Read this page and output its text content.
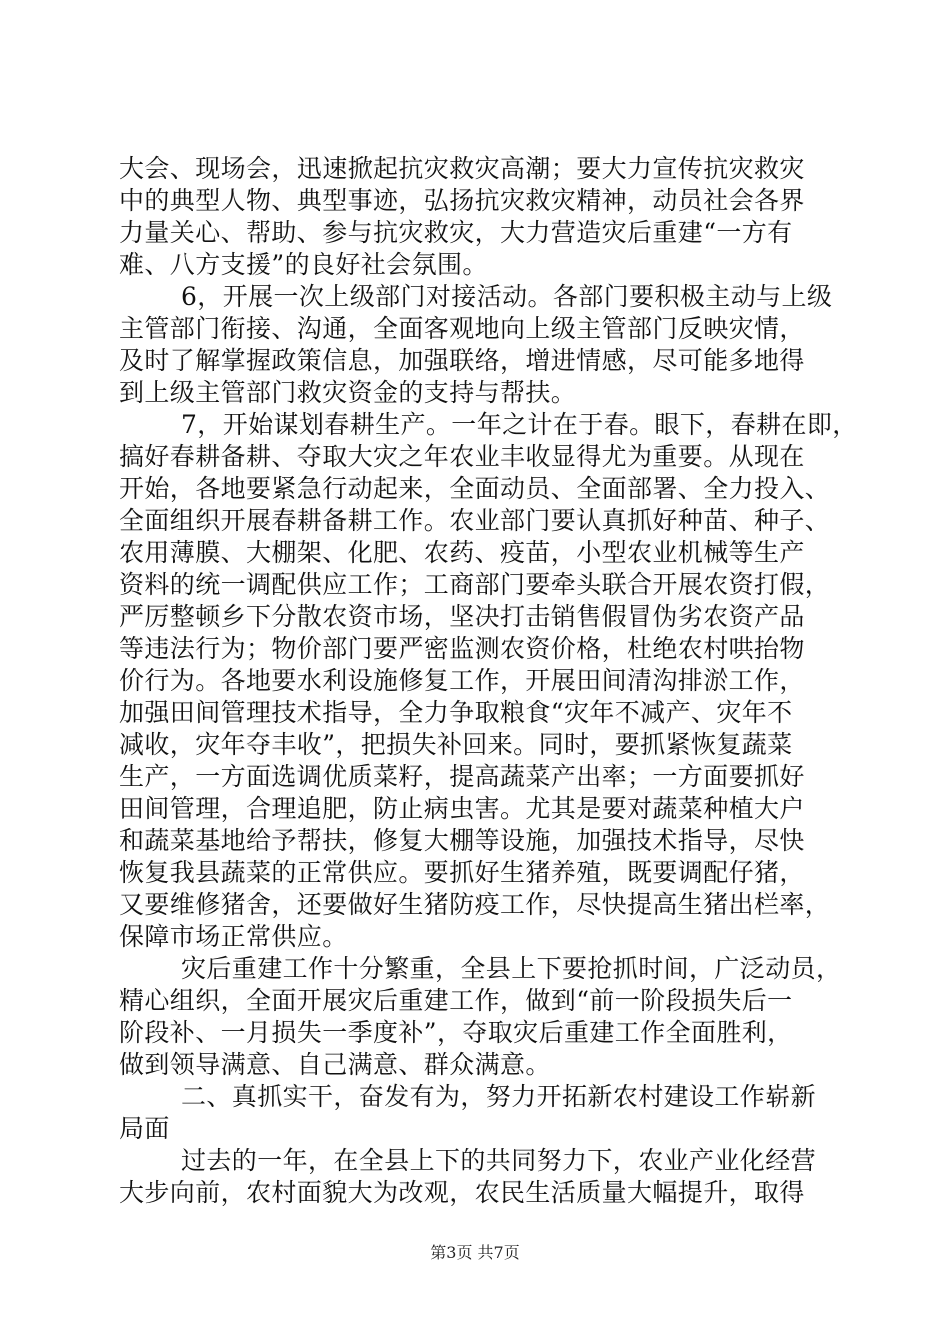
大会、现场会，迅速掀起抗灾救灾高潮；要大力宣传抗灾救灾
中的典型人物、典型事迹，弘扬抗灾救灾精神，动员社会各界
力量关心、帮助、参与抗灾救灾，大力营造灾后重建“一方有
难、八方支援”的良好社会氛围。
6，开展一次上级部门对接活动。各部门要积极主动与上级
主管部门衔接、沟通，全面客观地向上级主管部门反映灾情，
及时了解掌握政策信息，加强联络，增进情感，尽可能多地得
到上级主管部门救灾资金的支持与帮扶。
7，开始谋划春耕生产。一年之计在于春。眼下，春耕在即，
搞好春耕备耕、夺取大灾之年农业丰收显得尤为重要。从现在
开始，各地要紧急行动起来，全面动员、全面部署、全力投入、
全面组织开展春耕备耕工作。农业部门要认真抓好种苗、种子、
农用薄膜、大棚架、化肥、农药、疫苗，小型农业机械等生产
资料的统一调配供应工作；工商部门要牵头联合开展农资打假，
严厉整顿乡下分散农资市场，坚决打击销售假冒伪劣农资产品
等违法行为；物价部门要严密监测农资价格，杜绝农村哄抬物
价行为。各地要水利设施修复工作，开展田间清沟排淤工作，
加强田间管理技术指导，全力争取粮食“灾年不减产、灾年不
减收，灾年夺丰收”，把损失补回来。同时，要抓紧恢复蔬菜
生产，一方面选调优质菜籽，提高蔬菜产出率；一方面要抓好
田间管理，合理追肥，防止病虫害。尤其是要对蔬菜种植大户
和蔬菜基地给予帮扶，修复大棚等设施，加强技术指导，尽快
恢复我县蔬菜的正常供应。要抓好生猪养殖，既要调配仔猪，
又要维修猪舍，还要做好生猪防疫工作，尽快提高生猪出栏率，
保障市场正常供应。
灾后重建工作十分繁重，全县上下要抢抓时间，广泛动员，
精心组织，全面开展灾后重建工作，做到“前一阶段损失后一
阶段补、一月损失一季度补”，夺取灾后重建工作全面胜利，
做到领导满意、自己满意、群众满意。
二、真抓实干，奋发有为，努力开拓新农村建设工作崭新
局面
过去的一年，在全县上下的共同努力下，农业产业化经营
大步向前，农村面貌大为改观，农民生活质量大幅提升，取得
第3页 共7页
